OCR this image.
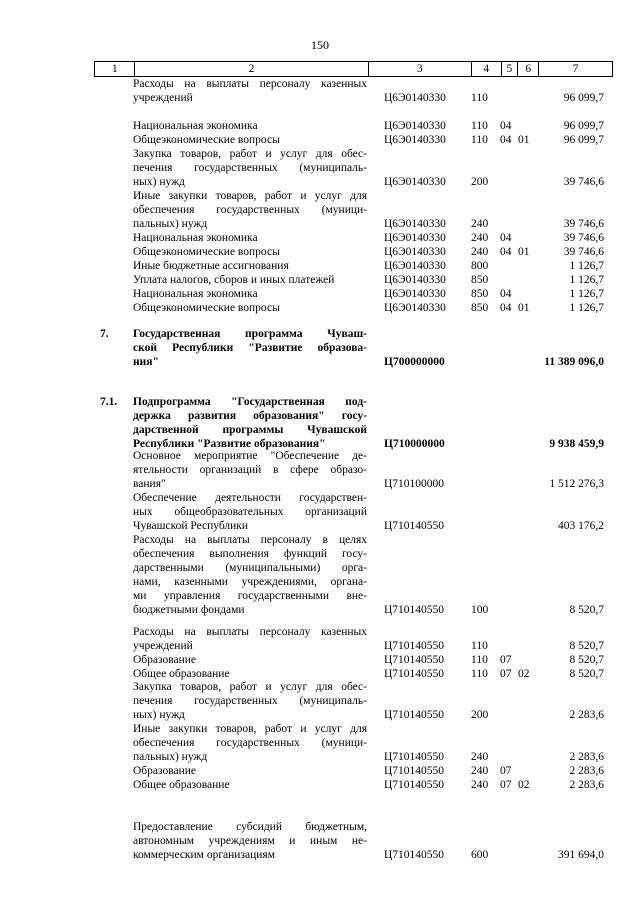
150
1	2	3	4	5	6	7
Расходы на выплаты персоналу казенных
учреждений	Ц6Э0140330 110	96 099,7
Национальная экономика	Ц6Э0140330 110 04	96 099,7
Общеэкономические вопросы	Ц6Э0140330 110 04 01	96 099,7
Закупка товаров, работ и услуг для обес-
печения государственных (муниципаль-
ных) нужд	Ц6Э0140330 200	39 746,6
Иные закупки товаров, работ и услуг для
обеспечения государственных (муници-
пальных) нужд	Ц6Э0140330 240	39 746,6
Национальная экономика	Ц6Э0140330 240 04	39 746,6
Общеэкономические вопросы	Ц6Э0140330 240 04 01	39 746,6
Иные бюджетные ассигнования	Ц6Э0140330 800	1 126,7
Уплата налогов, сборов и иных платежей	Ц6Э0140330 850	1 126,7
Национальная экономика	Ц6Э0140330 850 04	1 126,7
Общеэкономические вопросы	Ц6Э0140330 850 04 01	1 126,7
7. Государственная программа Чуваш-
ской Республики "Развитие образова-
ния"	Ц700000000	11 389 096,0
7.1. Подпрограмма "Государственная под-
держка развития образования" госу-
дарственной программы Чувашской
Республики "Развитие образования"	Ц710000000	9 938 459,9
Основное мероприятие "Обеспечение де-
ятельности организаций в сфере образо-
вания"	Ц710100000	1 512 276,3
Обеспечение деятельности государствен-
ных общеобразовательных организаций
Чувашской Республики	Ц710140550	403 176,2
Расходы на выплаты персоналу в целях
обеспечения выполнения функций госу-
дарственными (муниципальными) орга-
нами, казенными учреждениями, органа-
ми управления государственными вне-
бюджетными фондами	Ц710140550 100	8 520,7
Расходы на выплаты персоналу казенных
учреждений	Ц710140550 110	8 520,7
Образование	Ц710140550 110 07	8 520,7
Общее образование	Ц710140550 110 07 02	8 520,7
Закупка товаров, работ и услуг для обес-
печения государственных (муниципаль-
ных) нужд	Ц710140550 200	2 283,6
Иные закупки товаров, работ и услуг для
обеспечения государственных (муници-
пальных) нужд	Ц710140550 240	2 283,6
Образование	Ц710140550 240 07	2 283,6
Общее образование	Ц710140550 240 07 02	2 283,6
Предоставление субсидий бюджетным,
автономным учреждениям и иным не-
коммерческим организациям	Ц710140550 600	391 694,0
